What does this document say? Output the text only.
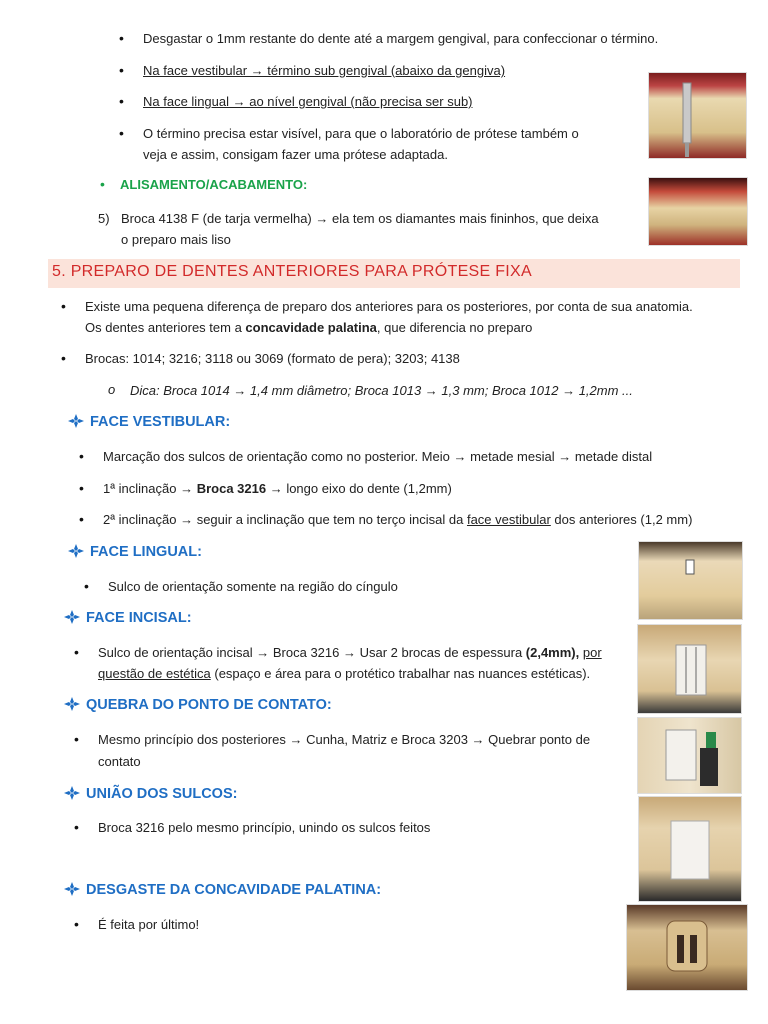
• Desgastar o 1mm restante do dente até a margem gengival, para confeccionar o término.
• Na face vestibular → término sub gengival (abaixo da gengiva)
• Na face lingual → ao nível gengival (não precisa ser sub)
• O término precisa estar visível, para que o laboratório de prótese também o
veja e assim, consigam fazer uma prótese adaptada.
• ALISAMENTO/ACABAMENTO:
5) Broca 4138 F (de tarja vermelha) → ela tem os diamantes mais fininhos, que deixa
o preparo mais liso
5. PREPARO DE DENTES ANTERIORES PARA PRÓTESE FIXA
• Existe uma pequena diferença de preparo dos anteriores para os posteriores, por conta de sua anatomia.
Os dentes anteriores tem a concavidade palatina, que diferencia no preparo
• Brocas: 1014; 3216; 3118 ou 3069 (formato de pera); 3203; 4138
o Dica: Broca 1014 → 1,4 mm diâmetro; Broca 1013 → 1,3 mm; Broca 1012 → 1,2mm ...
FACE VESTIBULAR:
• Marcação dos sulcos de orientação como no posterior. Meio → metade mesial → metade distal
• 1ª inclinação → Broca 3216 → longo eixo do dente (1,2mm)
• 2ª inclinação → seguir a inclinação que tem no terço incisal da face vestibular dos anteriores (1,2 mm)
FACE LINGUAL:
• Sulco de orientação somente na região do cíngulo
FACE INCISAL:
• Sulco de orientação incisal → Broca 3216 → Usar 2 brocas de espessura (2,4mm), por
questão de estética (espaço e área para o protético trabalhar nas nuances estéticas).
QUEBRA DO PONTO DE CONTATO:
• Mesmo princípio dos posteriores → Cunha, Matriz e Broca 3203 → Quebrar ponto de
contato
UNIÃO DOS SULCOS:
• Broca 3216 pelo mesmo princípio, unindo os sulcos feitos
DESGASTE DA CONCAVIDADE PALATINA:
• É feita por último!
